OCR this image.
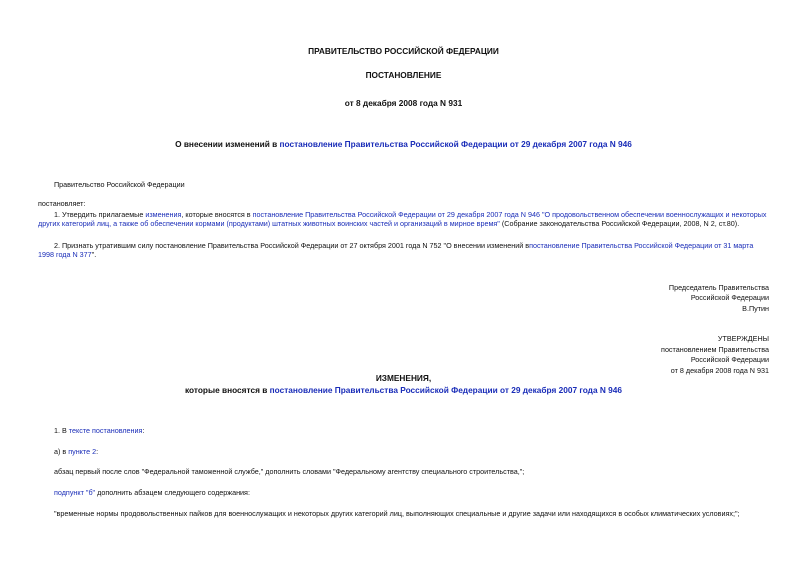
ПРАВИТЕЛЬСТВО РОССИЙСКОЙ ФЕДЕРАЦИИ
ПОСТАНОВЛЕНИЕ
от 8 декабря 2008 года N 931
О внесении изменений в постановление Правительства Российской Федерации от 29 декабря 2007 года N 946
Правительство Российской Федерации
постановляет:
1. Утвердить прилагаемые изменения, которые вносятся в постановление Правительства Российской Федерации от 29 декабря 2007 года N 946 "О продовольственном обеспечении военнослужащих и некоторых других категорий лиц, а также об обеспечении кормами (продуктами) штатных животных воинских частей и организаций в мирное время" (Собрание законодательства Российской Федерации, 2008, N 2, ст.80).
2. Признать утратившим силу постановление Правительства Российской Федерации от 27 октября 2001 года N 752 "О внесении изменений впостановление Правительства Российской Федерации от 31 марта 1998 года N 377".
Председатель Правительства
Российской Федерации
В.Путин
УТВЕРЖДЕНЫ
постановлением Правительства
Российской Федерации
от 8 декабря 2008 года N 931
ИЗМЕНЕНИЯ,
которые вносятся в постановление Правительства Российской Федерации от 29 декабря 2007 года N 946
1. В тексте постановления:
а) в пункте 2:
абзац первый после слов "Федеральной таможенной службе," дополнить словами "Федеральному агентству специального строительства,";
подпункт "б" дополнить абзацем следующего содержания:
"временные нормы продовольственных пайков для военнослужащих и некоторых других категорий лиц, выполняющих специальные и другие задачи или находящихся в особых климатических условиях;";
